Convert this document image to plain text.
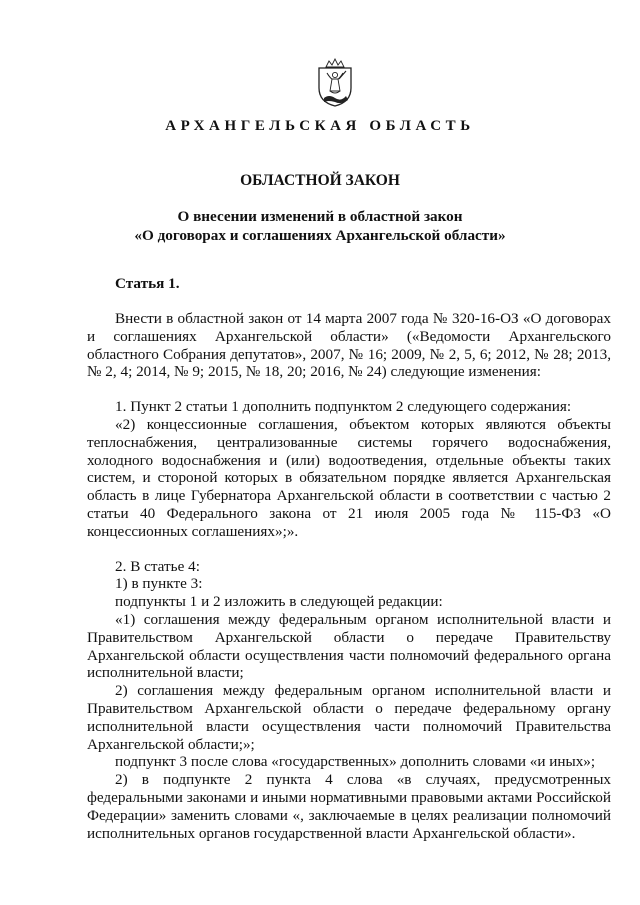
АРХАНГЕЛЬСКАЯ ОБЛАСТЬ
ОБЛАСТНОЙ ЗАКОН
О внесении изменений в областной закон
«О договорах и соглашениях Архангельской области»
Статья 1.

Внести в областной закон от 14 марта 2007 года № 320-16-ОЗ «О договорах и соглашениях Архангельской области» («Ведомости Архангельского областного Собрания депутатов», 2007, № 16; 2009, № 2, 5, 6; 2012, № 28; 2013, № 2, 4; 2014, № 9; 2015, № 18, 20; 2016, № 24) следующие изменения:

1. Пункт 2 статьи 1 дополнить подпунктом 2 следующего содержания:

«2) концессионные соглашения, объектом которых являются объекты теплоснабжения, централизованные системы горячего водоснабжения, холодного водоснабжения и (или) водоотведения, отдельные объекты таких систем, и стороной которых в обязательном порядке является Архангельская область в лице Губернатора Архангельской области в соответствии с частью 2 статьи 40 Федерального закона от 21 июля 2005 года № 115-ФЗ «О концессионных соглашениях»;».

2. В статье 4:

1) в пункте 3:

подпункты 1 и 2 изложить в следующей редакции:

«1) соглашения между федеральным органом исполнительной власти и Правительством Архангельской области о передаче Правительству Архангельской области осуществления части полномочий федерального органа исполнительной власти;

2) соглашения между федеральным органом исполнительной власти и Правительством Архангельской области о передаче федеральному органу исполнительной власти осуществления части полномочий Правительства Архангельской области;»;

подпункт 3 после слова «государственных» дополнить словами «и иных»;

2) в подпункте 2 пункта 4 слова «в случаях, предусмотренных федеральными законами и иными нормативными правовыми актами Российской Федерации» заменить словами «, заключаемые в целях реализации полномочий исполнительных органов государственной власти Архангельской области».
